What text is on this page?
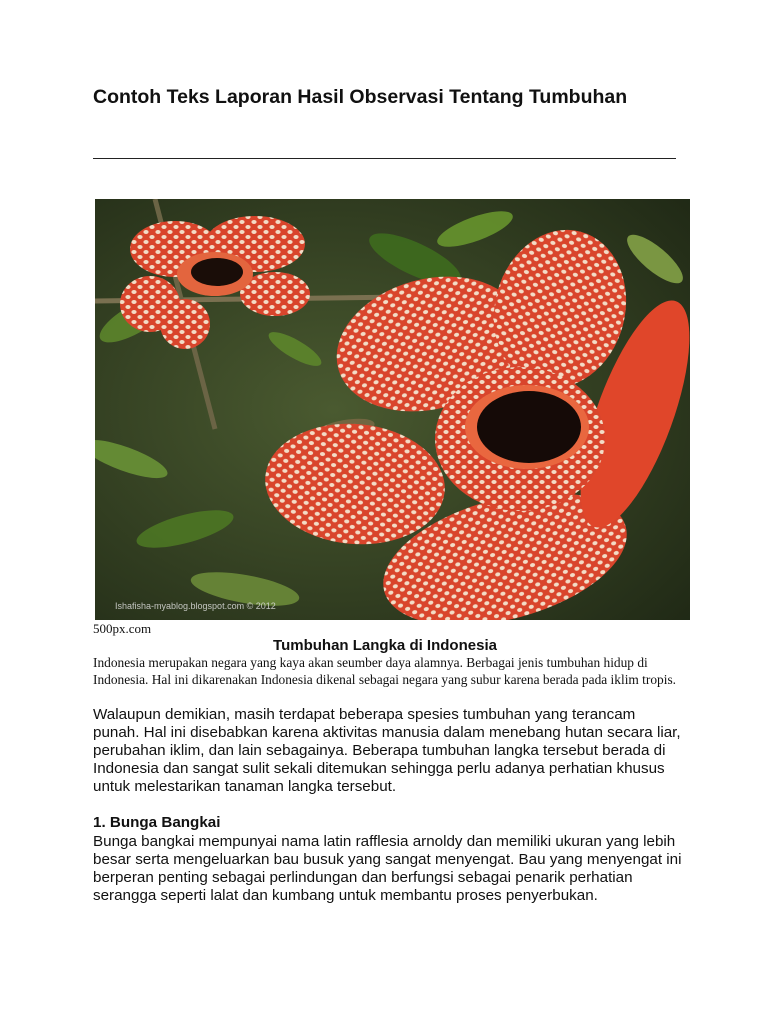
Contoh Teks Laporan Hasil Observasi Tentang Tumbuhan
Ishafisha-myablog.blogspot.com © 2012

500px.com

Tumbuhan Langka di Indonesia

Indonesia merupakan negara yang kaya akan seumber daya alamnya. Berbagai jenis tumbuhan hidup di Indonesia. Hal ini dikarenakan Indonesia dikenal sebagai negara yang subur karena berada pada iklim tropis.

Walaupun demikian, masih terdapat beberapa spesies tumbuhan yang terancam punah. Hal ini disebabkan karena aktivitas manusia dalam menebang hutan secara liar, perubahan iklim, dan lain sebagainya. Beberapa tumbuhan langka tersebut berada di Indonesia dan sangat sulit sekali ditemukan sehingga perlu adanya perhatian khusus untuk melestarikan tanaman langka tersebut.

1. Bunga Bangkai

Bunga bangkai mempunyai nama latin rafflesia arnoldy dan memiliki ukuran yang lebih besar serta mengeluarkan bau busuk yang sangat menyengat. Bau yang menyengat ini berperan penting sebagai perlindungan dan berfungsi sebagai penarik perhatian serangga seperti lalat dan kumbang untuk membantu proses penyerbukan.
